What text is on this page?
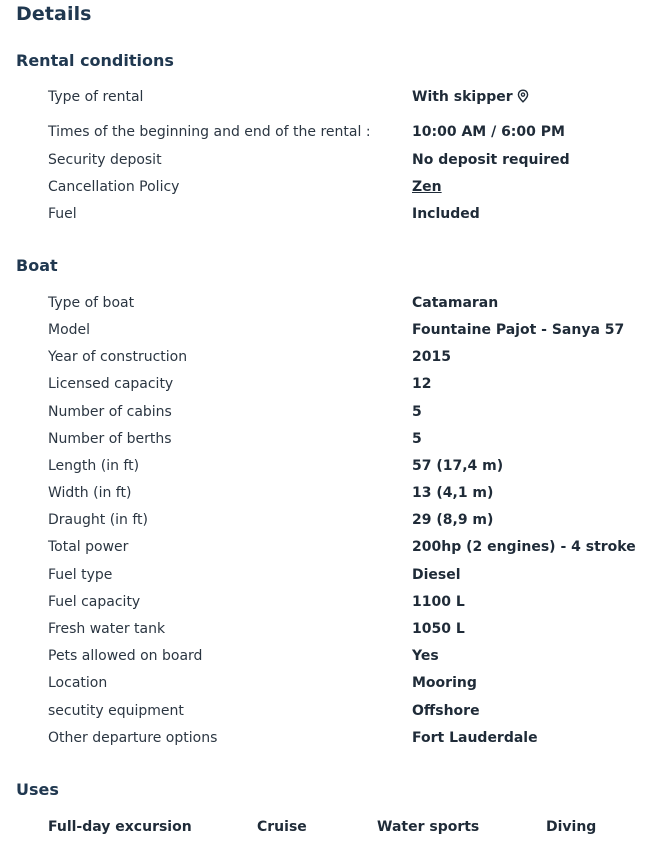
Details
Rental conditions
Type of rental	With skipper
Times of the beginning and end of the rental :	10:00 AM / 6:00 PM
Security deposit	No deposit required
Cancellation Policy	Zen
Fuel	Included
Boat
Type of boat	Catamaran
Model	Fountaine Pajot - Sanya 57
Year of construction	2015
Licensed capacity	12
Number of cabins	5
Number of berths	5
Length (in ft)	57 (17,4 m)
Width (in ft)	13 (4,1 m)
Draught (in ft)	29 (8,9 m)
Total power	200hp (2 engines) - 4 stroke
Fuel type	Diesel
Fuel capacity	1100 L
Fresh water tank	1050 L
Pets allowed on board	Yes
Location	Mooring
secutity equipment	Offshore
Other departure options	Fort Lauderdale
Uses
Full-day excursion	Cruise	Water sports	Diving
